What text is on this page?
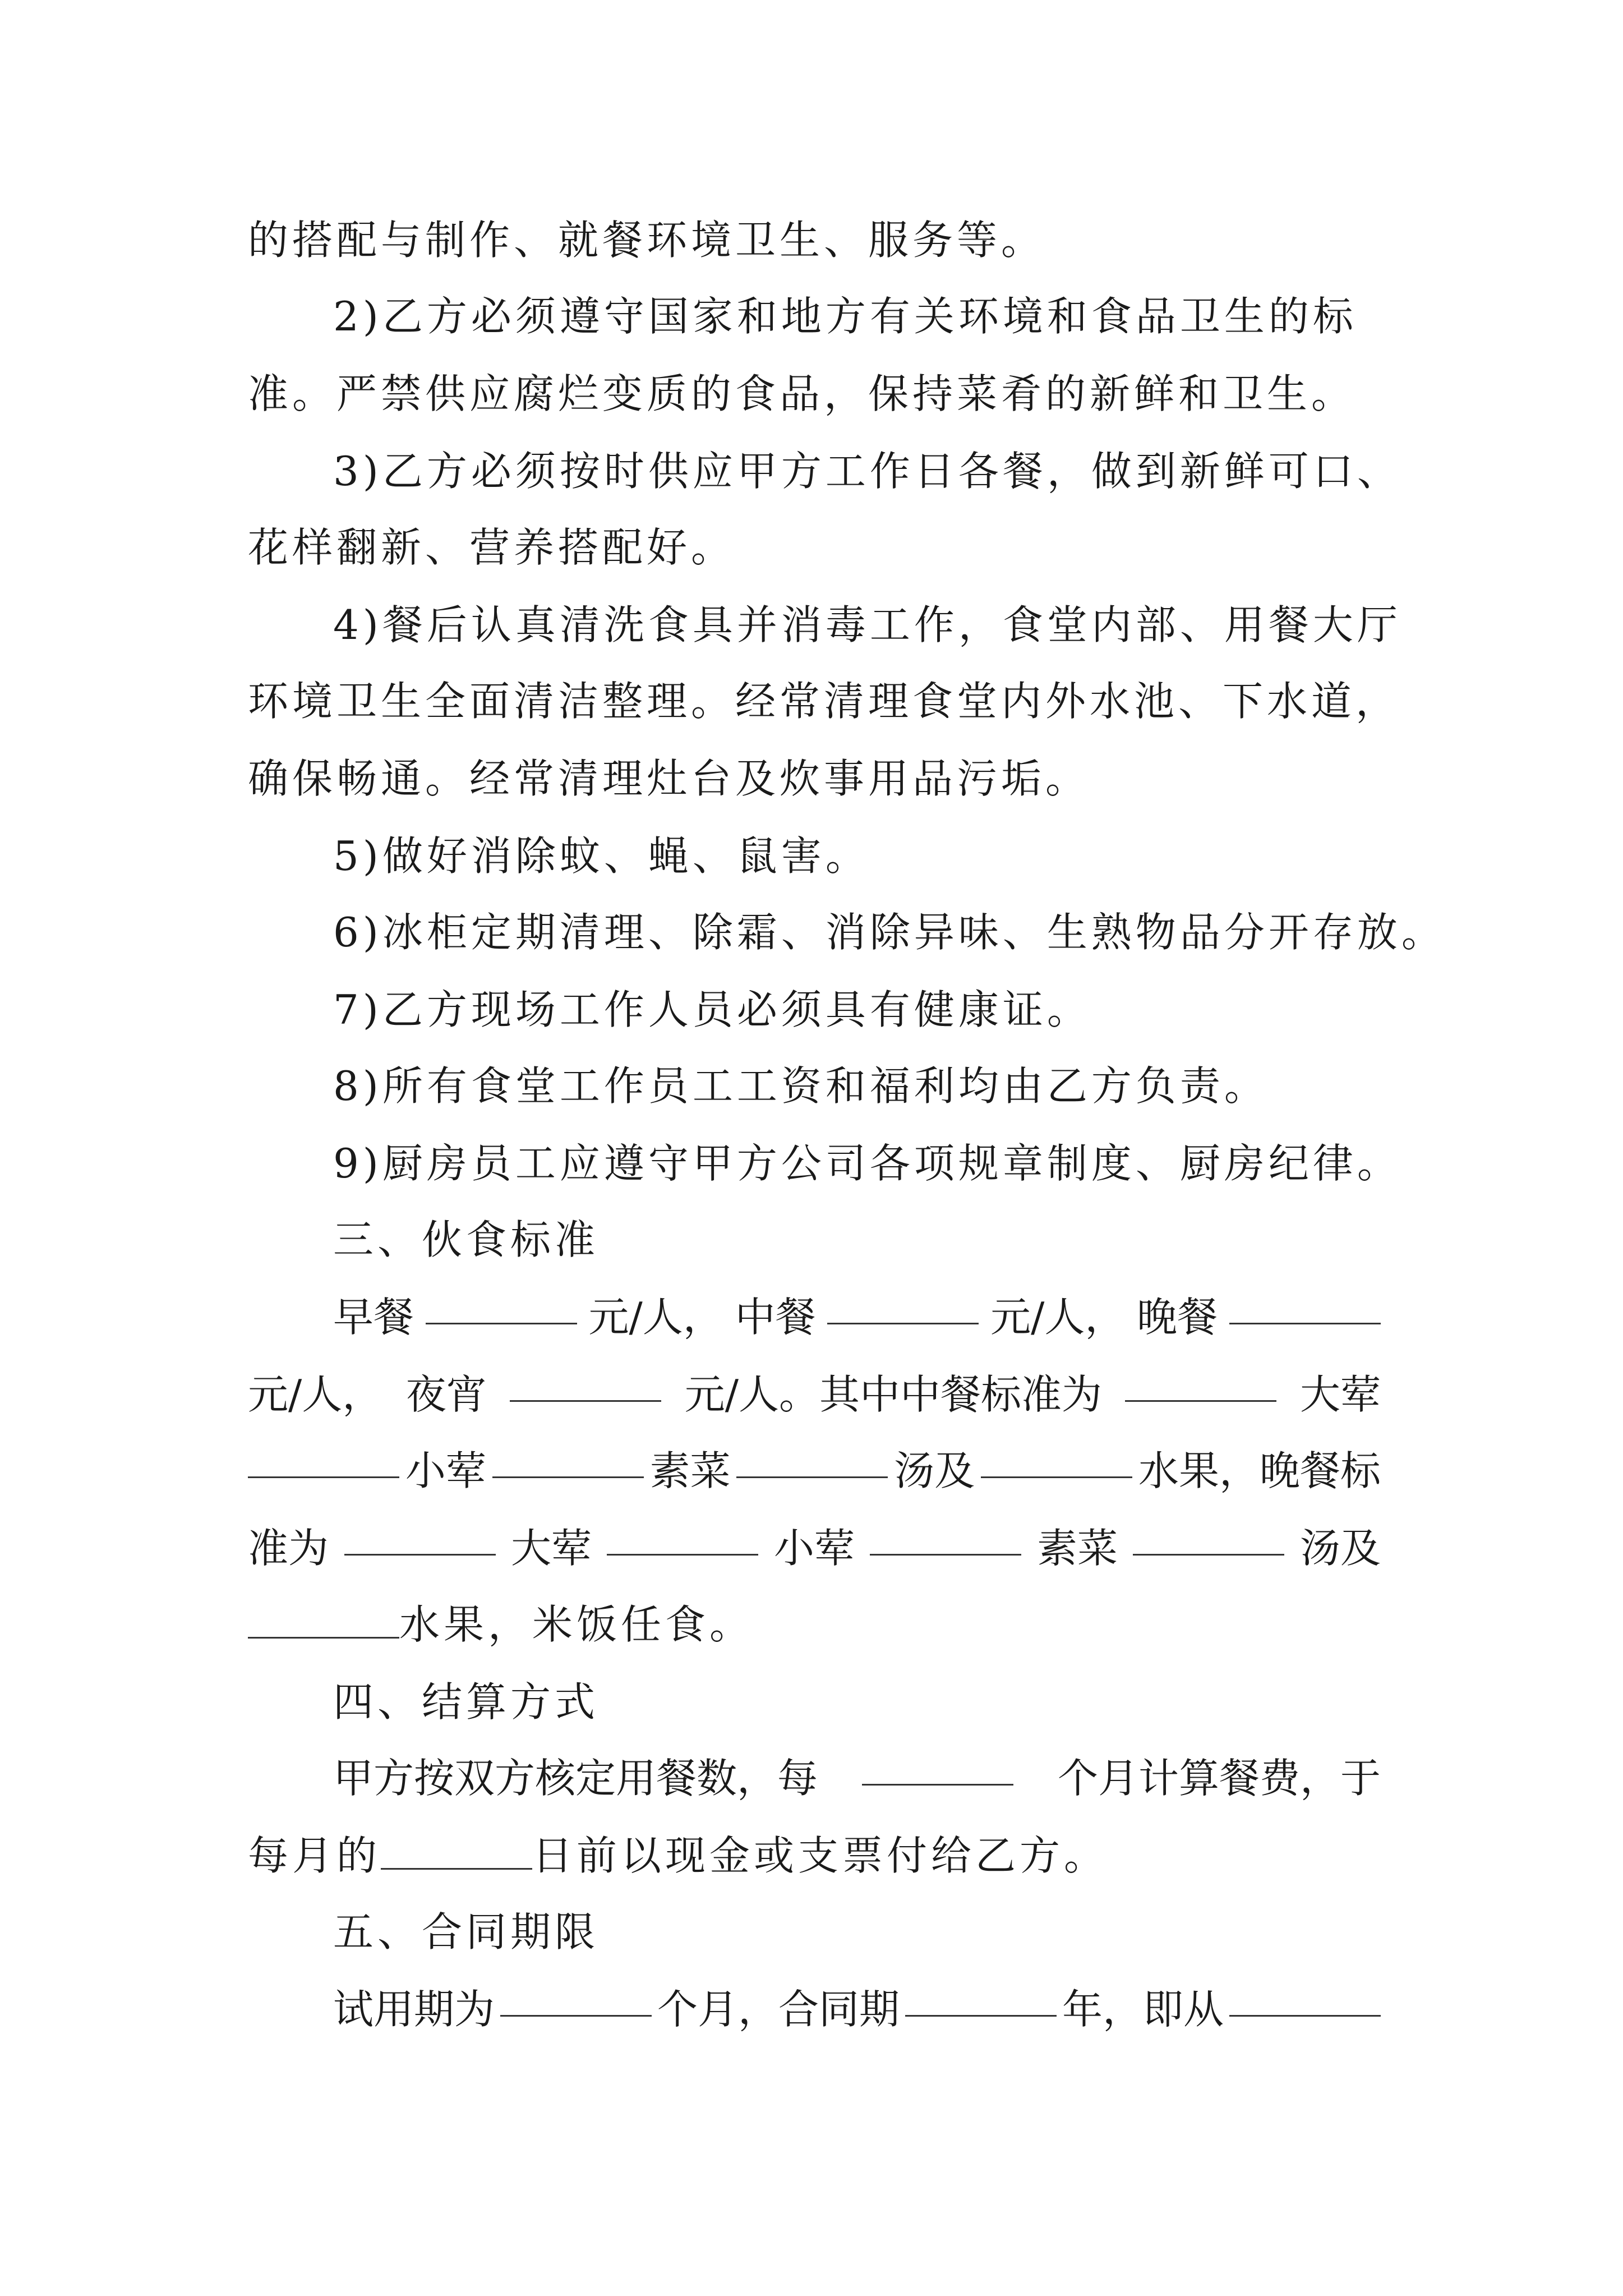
的搭配与制作、就餐环境卫生、服务等。
2)乙方必须遵守国家和地方有关环境和食品卫生的标
准。严禁供应腐烂变质的食品，保持菜肴的新鲜和卫生。
3)乙方必须按时供应甲方工作日各餐，做到新鲜可口、
花样翻新、营养搭配好。
4)餐后认真清洗食具并消毒工作，食堂内部、用餐大厅
环境卫生全面清洁整理。经常清理食堂内外水池、下水道，
确保畅通。经常清理灶台及炊事用品污垢。
5)做好消除蚊、蝇、鼠害。
6)冰柜定期清理、除霜、消除异味、生熟物品分开存放。
7)乙方现场工作人员必须具有健康证。
8)所有食堂工作员工工资和福利均由乙方负责。
9)厨房员工应遵守甲方公司各项规章制度、厨房纪律。
三、伙食标准
早餐	元/人， 中餐	元/人， 晚餐
元/人， 夜宵	元/人。其中中餐标准为	大荤
小荤	素菜	汤及	水果，晚餐标
准为	大荤	小荤	素菜	汤及
水果，米饭任食。
四、结算方式
甲方按双方核定用餐数，每	个月计算餐费，于
每月的	日前以现金或支票付给乙方。
五、合同期限
试用期为	个月，合同期	年，即从
